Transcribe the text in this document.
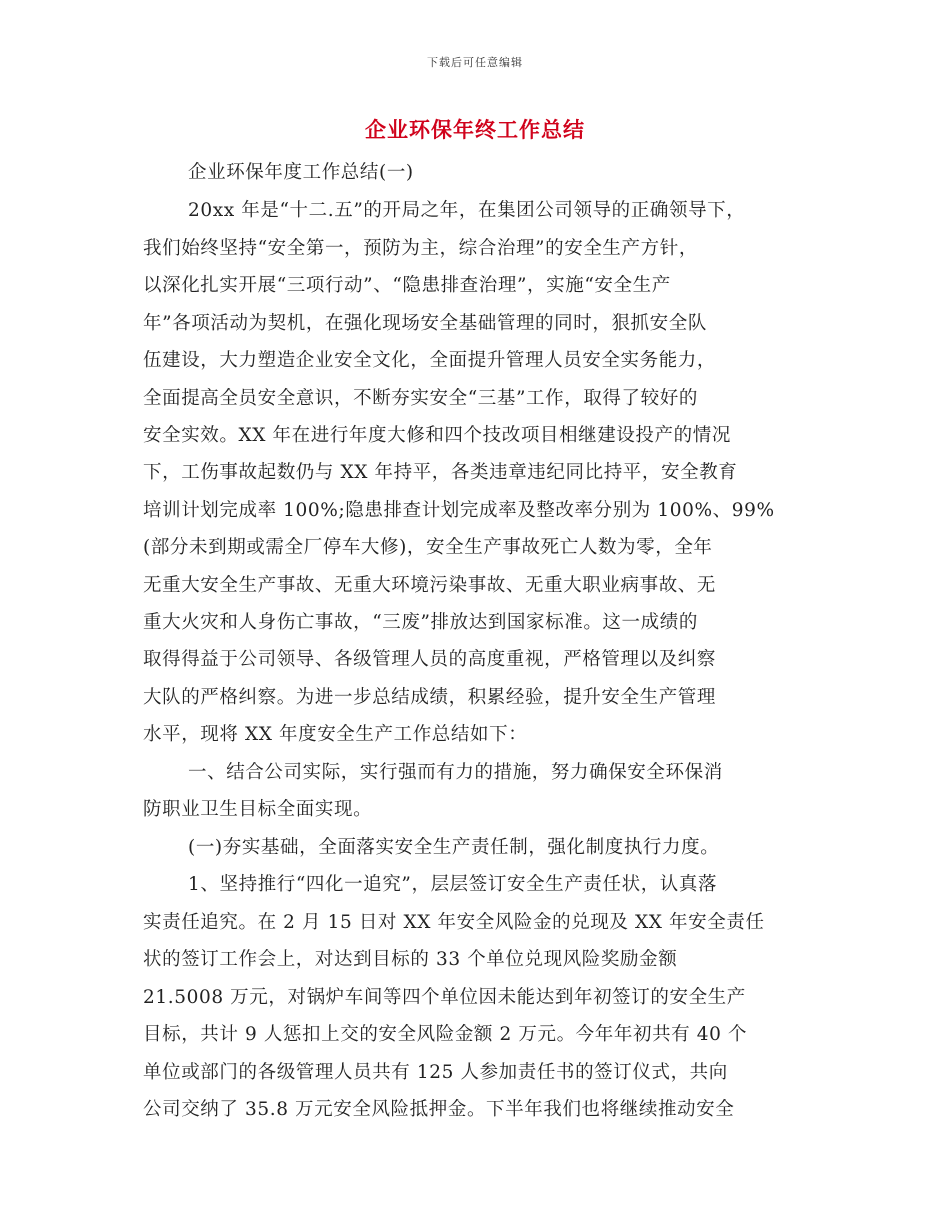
下载后可任意编辑
企业环保年终工作总结
企业环保年度工作总结(一)
20xx 年是“十二.五”的开局之年，在集团公司领导的正确领导下，
我们始终坚持“安全第一，预防为主，综合治理”的安全生产方针，
以深化扎实开展“三项行动”、“隐患排查治理”，实施“安全生产
年”各项活动为契机，在强化现场安全基础管理的同时，狠抓安全队
伍建设，大力塑造企业安全文化，全面提升管理人员安全实务能力，
全面提高全员安全意识，不断夯实安全“三基”工作，取得了较好的
安全实效。XX 年在进行年度大修和四个技改项目相继建设投产的情况
下，工伤事故起数仍与 XX 年持平，各类违章违纪同比持平，安全教育
培训计划完成率 100%;隐患排查计划完成率及整改率分别为 100%、99%
(部分未到期或需全厂停车大修)，安全生产事故死亡人数为零，全年
无重大安全生产事故、无重大环境污染事故、无重大职业病事故、无
重大火灾和人身伤亡事故，“三废”排放达到国家标准。这一成绩的
取得得益于公司领导、各级管理人员的高度重视，严格管理以及纠察
大队的严格纠察。为进一步总结成绩，积累经验，提升安全生产管理
水平，现将 XX 年度安全生产工作总结如下：
一、结合公司实际，实行强而有力的措施，努力确保安全环保消
防职业卫生目标全面实现。
(一)夯实基础，全面落实安全生产责任制，强化制度执行力度。
1、坚持推行“四化一追究”，层层签订安全生产责任状，认真落
实责任追究。在 2 月 15 日对 XX 年安全风险金的兑现及 XX 年安全责任
状的签订工作会上，对达到目标的 33 个单位兑现风险奖励金额
21.5008 万元，对锅炉车间等四个单位因未能达到年初签订的安全生产
目标，共计 9 人惩扣上交的安全风险金额 2 万元。今年年初共有 40 个
单位或部门的各级管理人员共有 125 人参加责任书的签订仪式，共向
公司交纳了 35.8 万元安全风险抵押金。下半年我们也将继续推动安全
